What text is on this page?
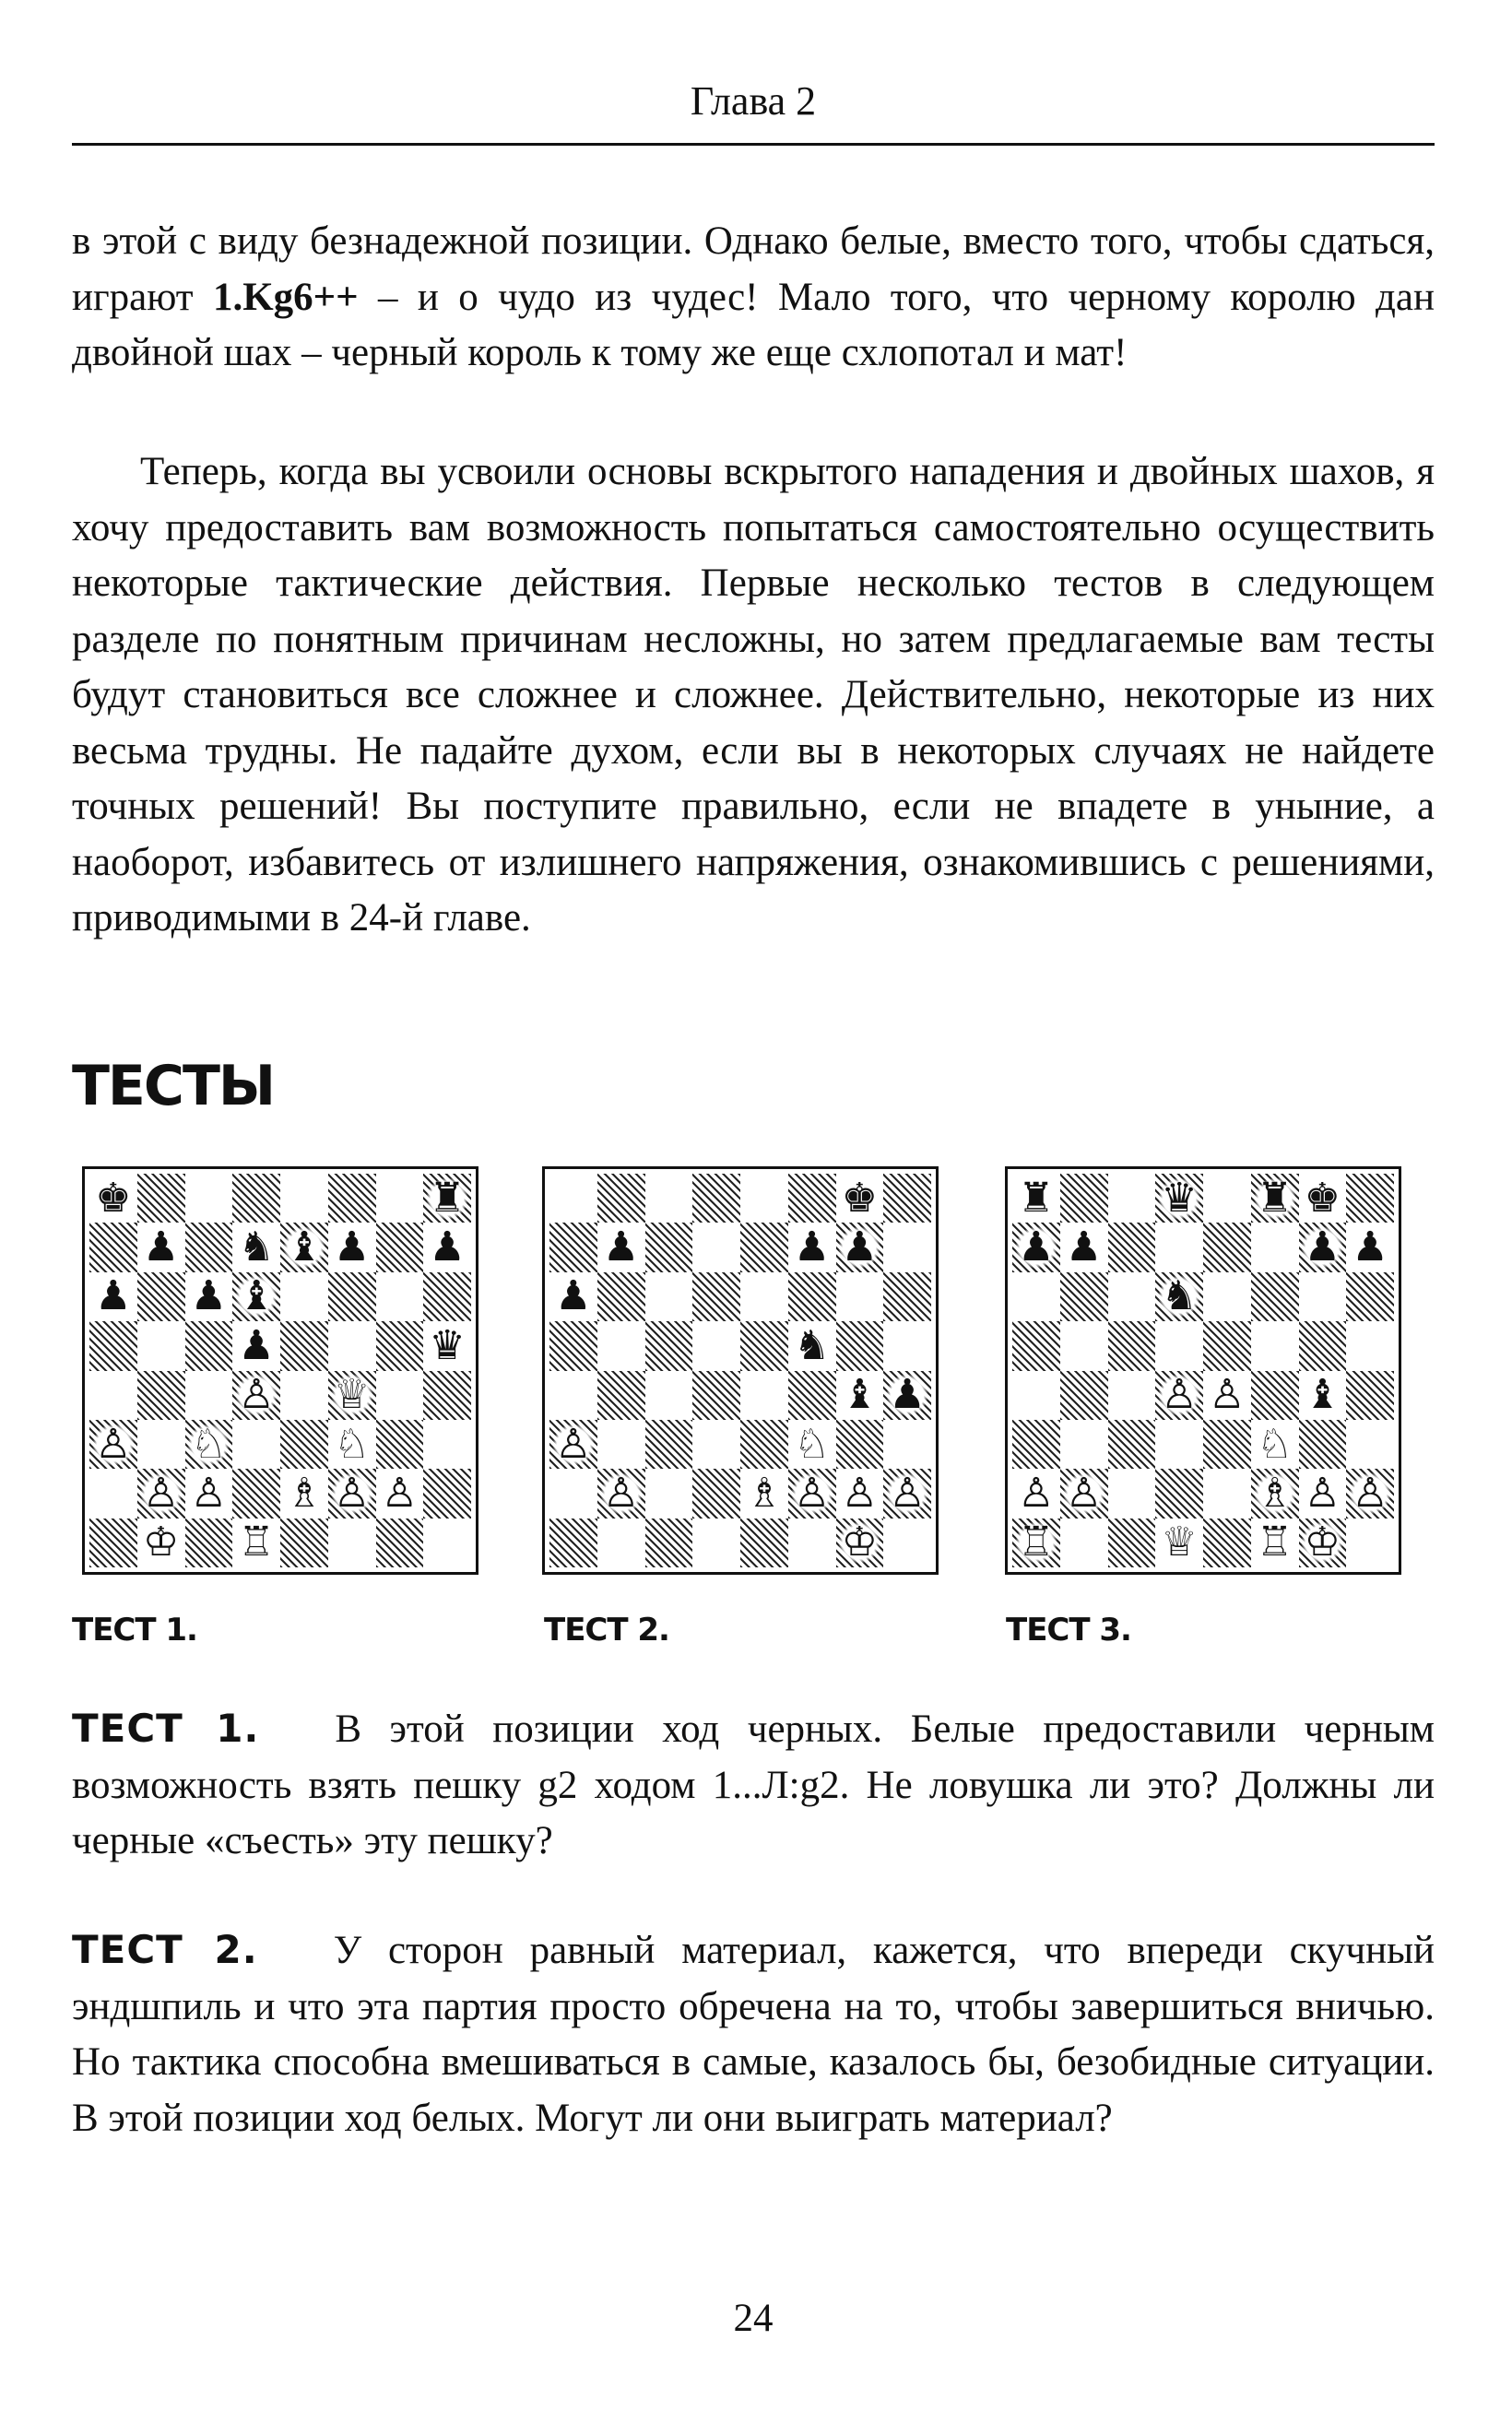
Глава 2

в этой с виду безнадежной позиции. Однако белые, вместо того, чтобы сдаться, играют 1.Kg6++ – и о чудо из чудес! Мало того, что черному королю дан двойной шах – черный король к тому же еще схлопотал и мат!

Теперь, когда вы усвоили основы вскрытого нападения и двойных шахов, я хочу предоставить вам возможность попытаться самостоятельно осуществить некоторые тактические действия. Первые несколько тестов в следующем разделе по понятным причинам несложны, но затем предлагаемые вам тесты будут становиться все сложнее и сложнее. Действительно, некоторые из них весьма трудны. Не падайте духом, если вы в некоторых случаях не найдете точных решений! Вы поступите правильно, если не впадете в уныние, а наоборот, избавитесь от излишнего напряжения, ознакомившись с решениями, приводимыми в 24-й главе.

ТЕСТЫ
♚	♜
♟ ♞ ♝ ♟ ♟
♟ ♟ ♝
♟	♛
♙ ♕
♙ ♘	♘
♙ ♙ ♗ ♙ ♙
♔ ♖
♚
♟	♟ ♟
♟
♞
♝ ♟
♙	♘
♙	♗ ♙ ♙ ♙
♔
♜	♛ ♜ ♚
♟ ♟	♟ ♟
♞
♙ ♙ ♝
♘
♙ ♙	♗ ♙ ♙
♖	♕ ♖ ♔
ТЕСТ 1.	ТЕСТ 2.	ТЕСТ 3.

ТЕСТ 1. В этой позиции ход черных. Белые предоставили черным возможность взять пешку g2 ходом 1...Л:g2. Не ловушка ли это? Должны ли черные «съесть» эту пешку?

ТЕСТ 2. У сторон равный материал, кажется, что впереди скучный эндшпиль и что эта партия просто обречена на то, чтобы завершиться вничью. Но тактика способна вмешиваться в самые, казалось бы, безобидные ситуации. В этой позиции ход белых. Могут ли они выиграть материал?

24
